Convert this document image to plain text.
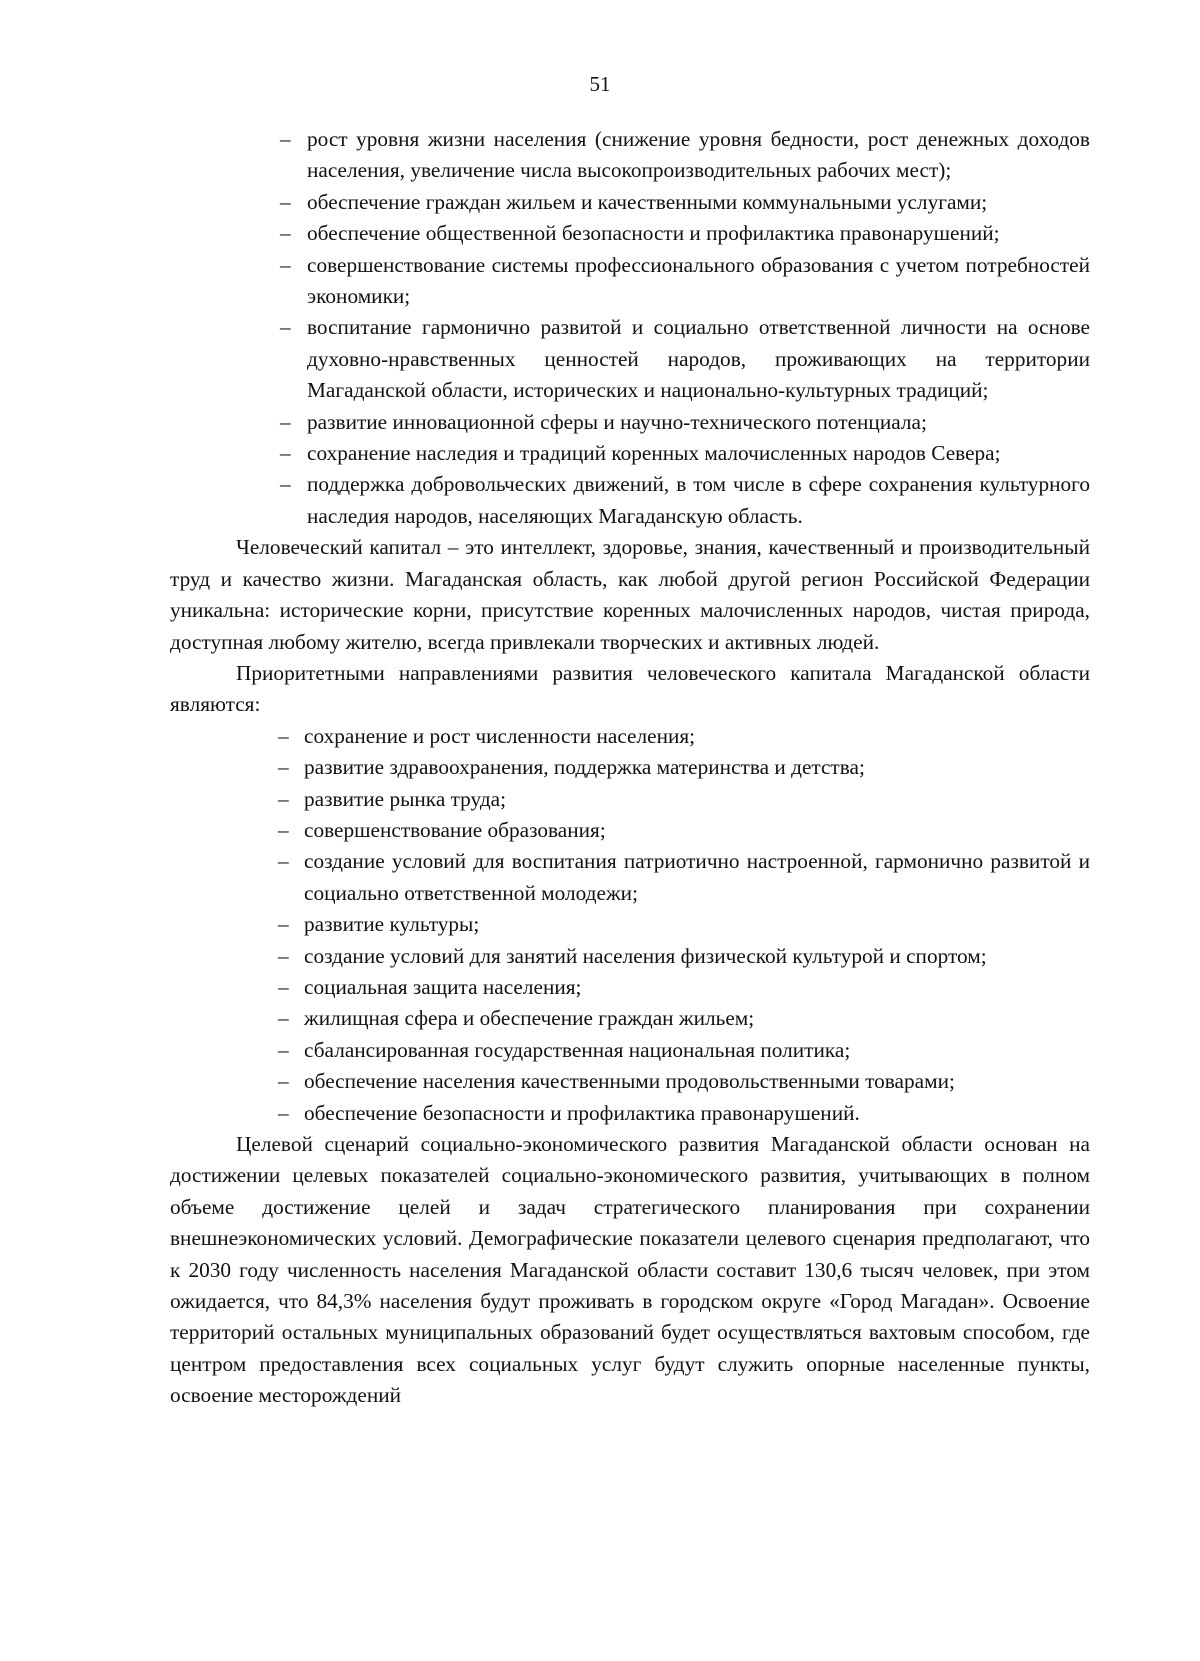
51
– рост уровня жизни населения (снижение уровня бедности, рост денежных доходов населения, увеличение числа высокопроизводительных рабочих мест);
– обеспечение граждан жильем и качественными коммунальными услугами;
– обеспечение общественной безопасности и профилактика правонарушений;
– совершенствование системы профессионального образования с учетом потребностей экономики;
– воспитание гармонично развитой и социально ответственной личности на основе духовно-нравственных ценностей народов, проживающих на территории Магаданской области, исторических и национально-культурных традиций;
– развитие инновационной сферы и научно-технического потенциала;
– сохранение наследия и традиций коренных малочисленных народов Севера;
– поддержка добровольческих движений, в том числе в сфере сохранения культурного наследия народов, населяющих Магаданскую область.

Человеческий капитал – это интеллект, здоровье, знания, качественный и производительный труд и качество жизни. Магаданская область, как любой другой регион Российской Федерации уникальна: исторические корни, присутствие коренных малочисленных народов, чистая природа, доступная любому жителю, всегда привлекали творческих и активных людей.

Приоритетными направлениями развития человеческого капитала Магаданской области являются:

– сохранение и рост численности населения;
– развитие здравоохранения, поддержка материнства и детства;
– развитие рынка труда;
– совершенствование образования;
– создание условий для воспитания патриотично настроенной, гармонично развитой и социально ответственной молодежи;
– развитие культуры;
– создание условий для занятий населения физической культурой и спортом;
– социальная защита населения;
– жилищная сфера и обеспечение граждан жильем;
– сбалансированная государственная национальная политика;
– обеспечение населения качественными продовольственными товарами;
– обеспечение безопасности и профилактика правонарушений.

Целевой сценарий социально-экономического развития Магаданской области основан на достижении целевых показателей социально-экономического развития, учитывающих в полном объеме достижение целей и задач стратегического планирования при сохранении внешнеэкономических условий. Демографические показатели целевого сценария предполагают, что к 2030 году численность населения Магаданской области составит 130,6 тысяч человек, при этом ожидается, что 84,3% населения будут проживать в городском округе «Город Магадан». Освоение территорий остальных муниципальных образований будет осуществляться вахтовым способом, где центром предоставления всех социальных услуг будут служить опорные населенные пункты, освоение месторождений
